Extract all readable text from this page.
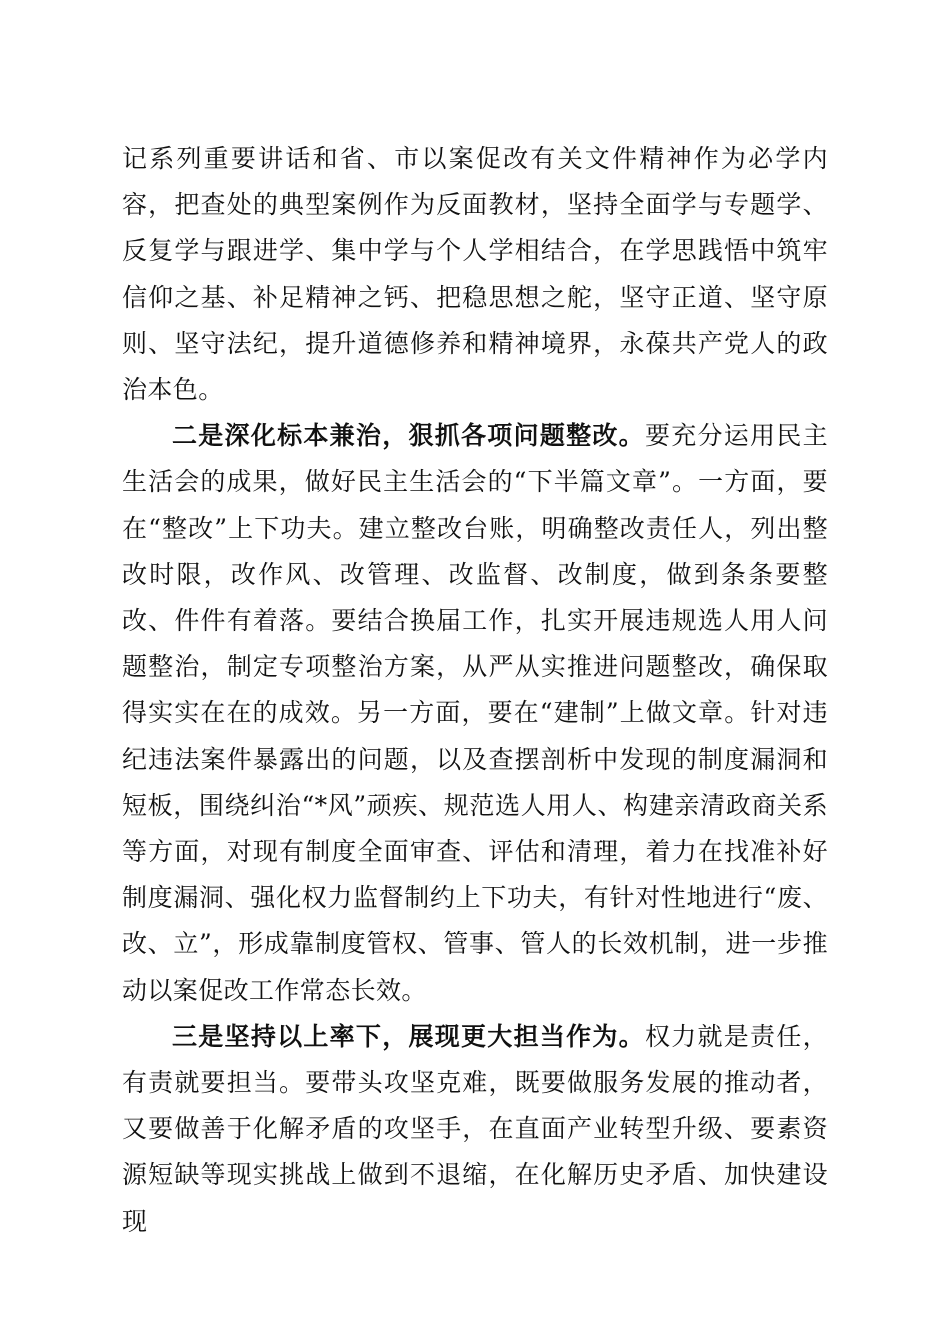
记系列重要讲话和省、市以案促改有关文件精神作为必学内容，把查处的典型案例作为反面教材，坚持全面学与专题学、反复学与跟进学、集中学与个人学相结合，在学思践悟中筑牢信仰之基、补足精神之钙、把稳思想之舵，坚守正道、坚守原则、坚守法纪，提升道德修养和精神境界，永葆共产党人的政治本色。

二是深化标本兼治，狠抓各项问题整改。要充分运用民主生活会的成果，做好民主生活会的“下半篇文章”。一方面，要在“整改”上下功夫。建立整改台账，明确整改责任人，列出整改时限，改作风、改管理、改监督、改制度，做到条条要整改、件件有着落。要结合换届工作，扎实开展违规选人用人问题整治，制定专项整治方案，从严从实推进问题整改，确保取得实实在在的成效。另一方面，要在“建制”上做文章。针对违纪违法案件暴露出的问题，以及查摆剖析中发现的制度漏洞和短板，围绕纠治“*风”顽疾、规范选人用人、构建亲清政商关系等方面，对现有制度全面审查、评估和清理，着力在找准补好制度漏洞、强化权力监督制约上下功夫，有针对性地进行“废、改、立”，形成靠制度管权、管事、管人的长效机制，进一步推动以案促改工作常态长效。

三是坚持以上率下，展现更大担当作为。权力就是责任，有责就要担当。要带头攻坚克难，既要做服务发展的推动者，又要做善于化解矛盾的攻坚手，在直面产业转型升级、要素资源短缺等现实挑战上做到不退缩，在化解历史矛盾、加快建设现
